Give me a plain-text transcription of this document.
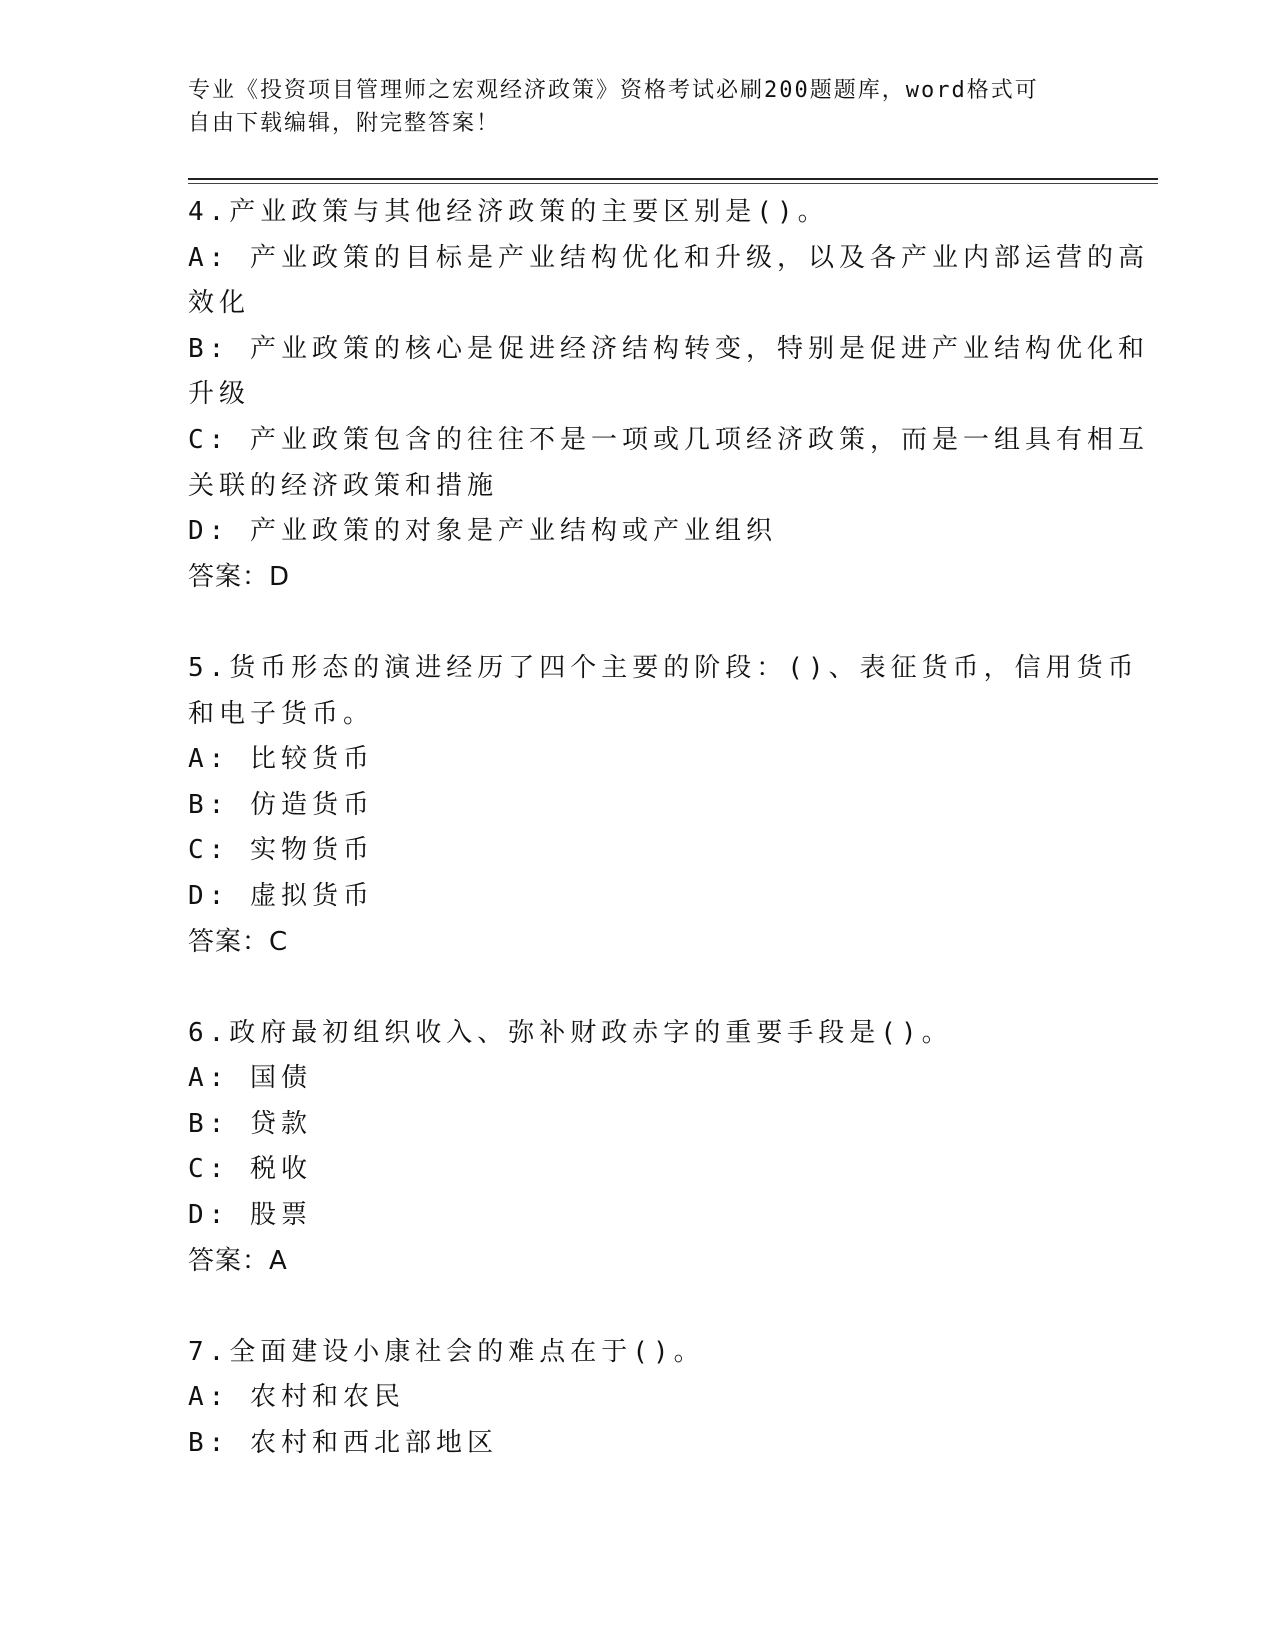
专业《投资项目管理师之宏观经济政策》资格考试必刷200题题库，word格式可
自由下载编辑，附完整答案！
4.产业政策与其他经济政策的主要区别是()。
A: 产业政策的目标是产业结构优化和升级，以及各产业内部运营的高
效化
B: 产业政策的核心是促进经济结构转变，特别是促进产业结构优化和
升级
C: 产业政策包含的往往不是一项或几项经济政策，而是一组具有相互
关联的经济政策和措施
D: 产业政策的对象是产业结构或产业组织
答案：D
5.货币形态的演进经历了四个主要的阶段：()、表征货币，信用货币
和电子货币。
A: 比较货币
B: 仿造货币
C: 实物货币
D: 虚拟货币
答案：C
6.政府最初组织收入、弥补财政赤字的重要手段是()。
A: 国债
B: 贷款
C: 税收
D: 股票
答案：A
7.全面建设小康社会的难点在于()。
A: 农村和农民
B: 农村和西北部地区
